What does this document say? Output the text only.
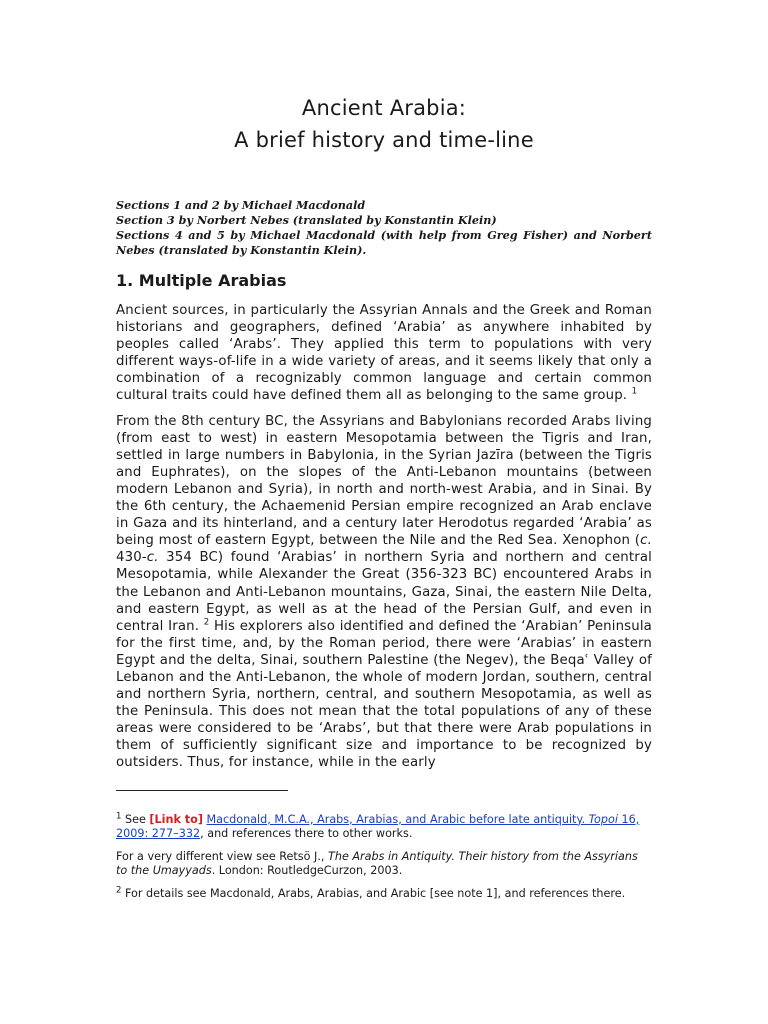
Ancient Arabia:
A brief history and time-line
Sections 1 and 2 by Michael Macdonald
Section 3 by Norbert Nebes (translated by Konstantin Klein)
Sections 4 and 5 by Michael Macdonald (with help from Greg Fisher) and Norbert Nebes (translated by Konstantin Klein).
1. Multiple Arabias

Ancient sources, in particularly the Assyrian Annals and the Greek and Roman historians and geographers, defined ‘Arabia’ as anywhere inhabited by peoples called ‘Arabs’. They applied this term to populations with very different ways-of-life in a wide variety of areas, and it seems likely that only a combination of a recognizably common language and certain common cultural traits could have defined them all as belonging to the same group. $^1$

From the 8th century BC, the Assyrians and Babylonians recorded Arabs living (from east to west) in eastern Mesopotamia between the Tigris and Iran, settled in large numbers in Babylonia, in the Syrian Jazīra (between the Tigris and Euphrates), on the slopes of the Anti-Lebanon mountains (between modern Lebanon and Syria), in north and north-west Arabia, and in Sinai. By the 6th century, the Achaemenid Persian empire recognized an Arab enclave in Gaza and its hinterland, and a century later Herodotus regarded ‘Arabia’ as being most of eastern Egypt, between the Nile and the Red Sea. Xenophon (c. 430-c. 354 BC) found ‘Arabias’ in northern Syria and northern and central Mesopotamia, while Alexander the Great (356-323 BC) encountered Arabs in the Lebanon and Anti-Lebanon mountains, Gaza, Sinai, the eastern Nile Delta, and eastern Egypt, as well as at the head of the Persian Gulf, and even in central Iran. $^2$ His explorers also identified and defined the ‘Arabian’ Peninsula for the first time, and, by the Roman period, there were ‘Arabias’ in eastern Egypt and the delta, Sinai, southern Palestine (the Negev), the Beqaʿ Valley of Lebanon and the Anti-Lebanon, the whole of modern Jordan, southern, central and northern Syria, northern, central, and southern Mesopotamia, as well as the Peninsula. This does not mean that the total populations of any of these areas were considered to be ‘Arabs’, but that there were Arab populations in them of sufficiently significant size and importance to be recognized by outsiders. Thus, for instance, while in the early

$^1$ See [Link to] Macdonald, M.C.A., Arabs, Arabias, and Arabic before late antiquity. Topoi 16, 2009: 277–332, and references there to other works.

For a very different view see Retsö J., The Arabs in Antiquity. Their history from the Assyrians to the Umayyads. London: RoutledgeCurzon, 2003.

$^2$ For details see Macdonald, Arabs, Arabias, and Arabic [see note 1], and references there.
